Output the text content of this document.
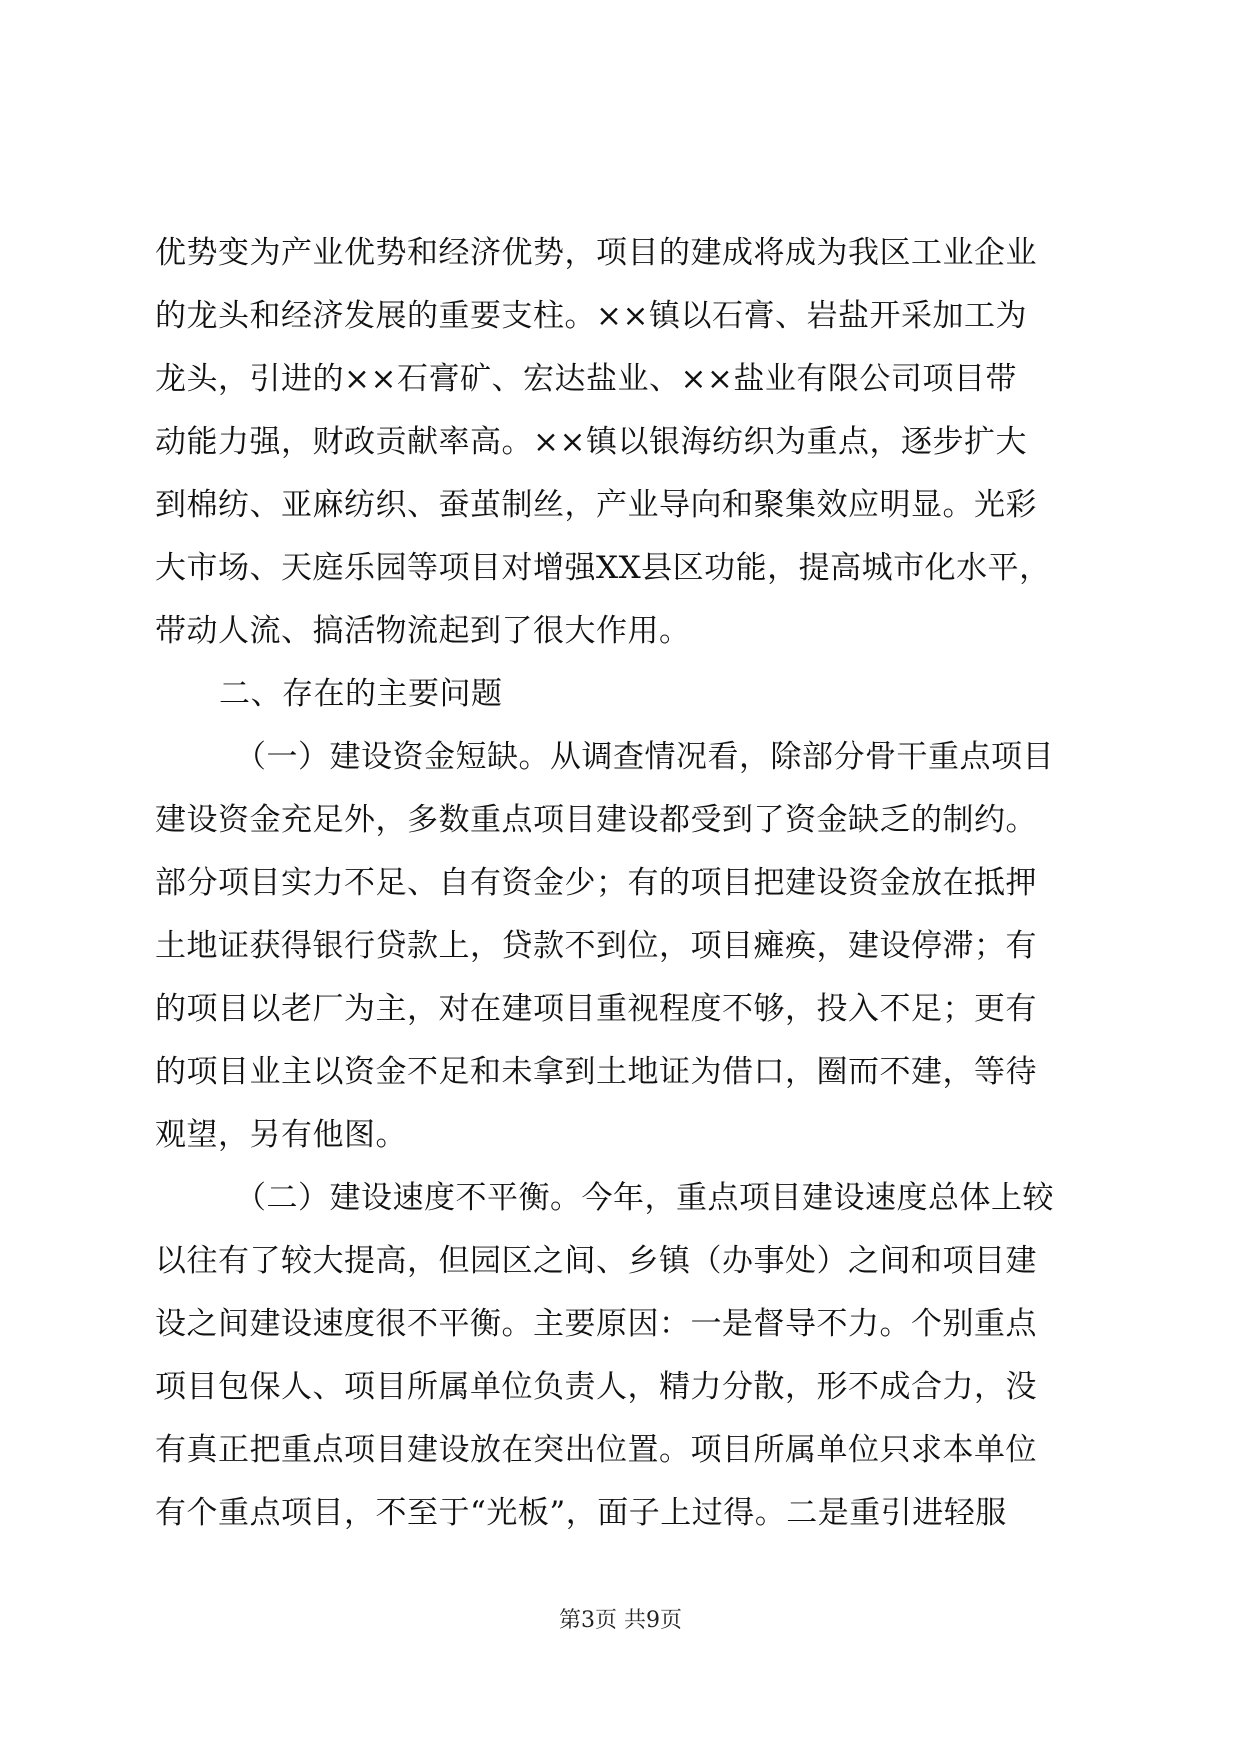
优势变为产业优势和经济优势，项目的建成将成为我区工业企业
的龙头和经济发展的重要支柱。××镇以石膏、岩盐开采加工为
龙头，引进的××石膏矿、宏达盐业、××盐业有限公司项目带
动能力强，财政贡献率高。××镇以银海纺织为重点，逐步扩大
到棉纺、亚麻纺织、蚕茧制丝，产业导向和聚集效应明显。光彩
大市场、天庭乐园等项目对增强XX县区功能，提高城市化水平，
带动人流、搞活物流起到了很大作用。
二、存在的主要问题
（一）建设资金短缺。从调查情况看，除部分骨干重点项目
建设资金充足外，多数重点项目建设都受到了资金缺乏的制约。
部分项目实力不足、自有资金少；有的项目把建设资金放在抵押
土地证获得银行贷款上，贷款不到位，项目瘫痪，建设停滞；有
的项目以老厂为主，对在建项目重视程度不够，投入不足；更有
的项目业主以资金不足和未拿到土地证为借口，圈而不建，等待
观望，另有他图。
（二）建设速度不平衡。今年，重点项目建设速度总体上较
以往有了较大提高，但园区之间、乡镇（办事处）之间和项目建
设之间建设速度很不平衡。主要原因：一是督导不力。个别重点
项目包保人、项目所属单位负责人，精力分散，形不成合力，没
有真正把重点项目建设放在突出位置。项目所属单位只求本单位
有个重点项目，不至于“光板”，面子上过得。二是重引进轻服
第3页 共9页
